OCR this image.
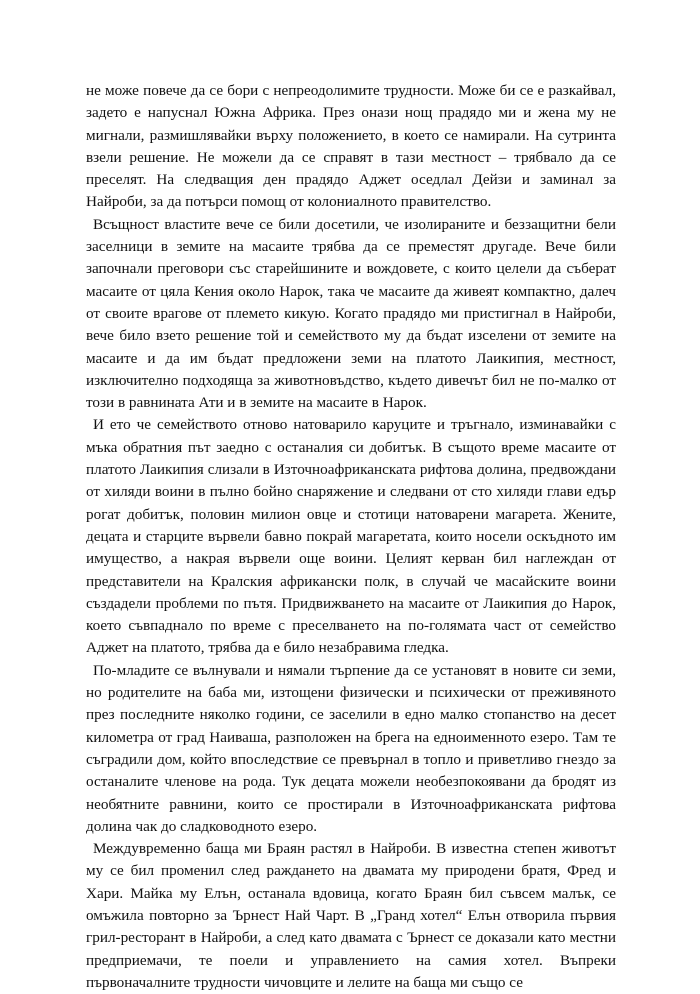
не може повече да се бори с непреодолимите трудности. Може би се е разкайвал, задето е напуснал Южна Африка. През онази нощ прадядо ми и жена му не мигнали, размишлявайки върху положението, в което се намирали. На сутринта взели решение. Не можели да се справят в тази местност – трябвало да се преселят. На следващия ден прадядо Аджет оседлал Дейзи и заминал за Найроби, за да потърси помощ от колониалното правителство.

Всъщност властите вече се били досетили, че изолираните и беззащитни бели заселници в земите на масаите трябва да се преместят другаде. Вече били започнали преговори със старейшините и вождовете, с които целели да съберат масаите от цяла Кения около Нарок, така че масаите да живеят компактно, далеч от своите врагове от племето кикую. Когато прадядо ми пристигнал в Найроби, вече било взето решение той и семейството му да бъдат изселени от земите на масаите и да им бъдат предложени земи на платото Лаикипия, местност, изключително подходяща за животновъдство, където дивечът бил не по-малко от този в равнината Ати и в земите на масаите в Нарок.

И ето че семейството отново натоварило каруците и тръгнало, изминавайки с мъка обратния път заедно с останалия си добитък. В същото време масаите от платото Лаикипия слизали в Източноафриканската рифтова долина, предвождани от хиляди воини в пълно бойно снаряжение и следвани от сто хиляди глави едър рогат добитък, половин милион овце и стотици натоварени магарета. Жените, децата и старците вървели бавно покрай магаретата, които носели оскъдното им имущество, а накрая вървели още воини. Целият керван бил наглеждан от представители на Кралския африкански полк, в случай че масайските воини създадели проблеми по пътя. Придвижването на масаите от Лаикипия до Нарок, което съвпаднало по време с преселването на по-голямата част от семейство Аджет на платото, трябва да е било незабравима гледка.

По-младите се вълнували и нямали търпение да се установят в новите си земи, но родителите на баба ми, изтощени физически и психически от преживяното през последните няколко години, се заселили в едно малко стопанство на десет километра от град Наиваша, разположен на брега на едноименното езеро. Там те съградили дом, който впоследствие се превърнал в топло и приветливо гнездо за останалите членове на рода. Тук децата можели необезпокоявани да бродят из необятните равнини, които се простирали в Източноафриканската рифтова долина чак до сладководното езеро.

Междувременно баща ми Браян растял в Найроби. В известна степен животът му се бил променил след раждането на двамата му природени братя, Фред и Хари. Майка му Елън, останала вдовица, когато Браян бил съвсем малък, се омъжила повторно за Ърнест Най Чарт. В „Гранд хотел“ Елън отворила първия грил-ресторант в Найроби, а след като двамата с Ърнест се доказали като местни предприемачи, те поели и управлението на самия хотел. Въпреки първоначалните трудности чичовците и лелите на баща ми също се
